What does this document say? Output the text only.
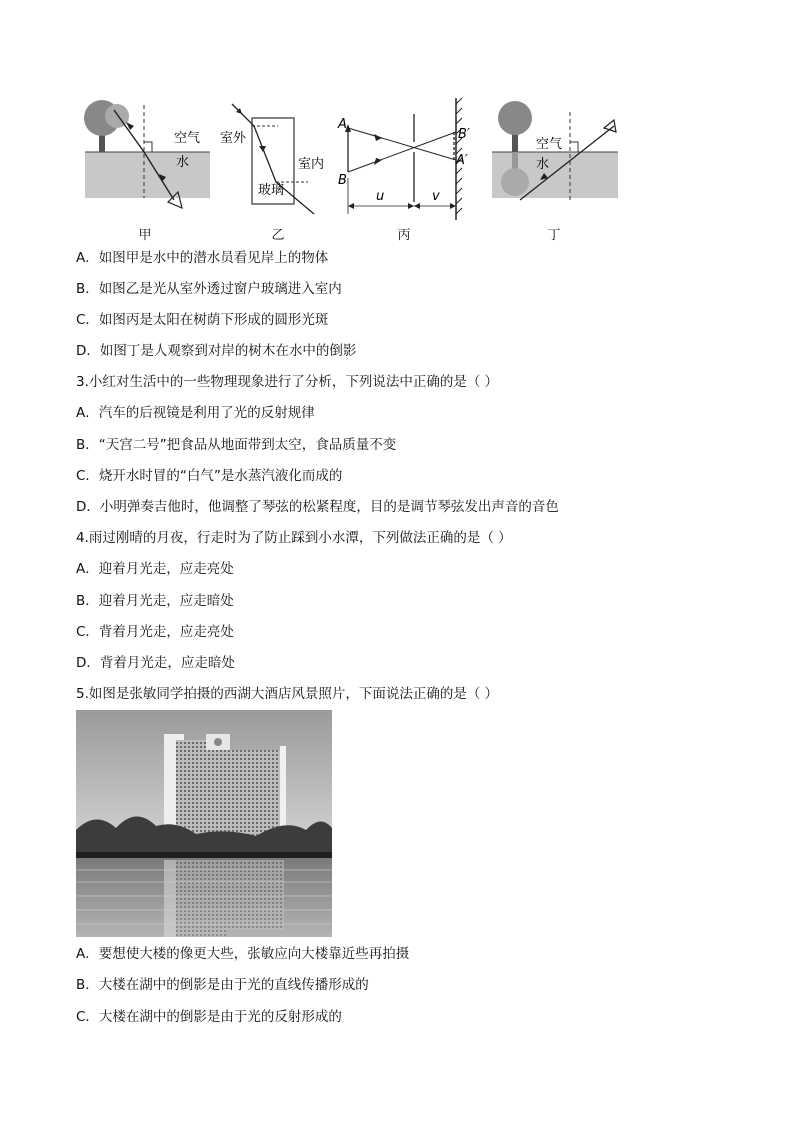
空气
水
甲
室外
室内
玻璃
乙
A
B
B′
A′
u	v
丙
空气
水
丁
A．如图甲是水中的潜水员看见岸上的物体
B．如图乙是光从室外透过窗户玻璃进入室内
C．如图丙是太阳在树荫下形成的圆形光斑
D．如图丁是人观察到对岸的树木在水中的倒影
3.小红对生活中的一些物理现象进行了分析，下列说法中正确的是（ ）
A．汽车的后视镜是利用了光的反射规律
B．“天宫二号”把食品从地面带到太空，食品质量不变
C．烧开水时冒的“白气”是水蒸汽液化而成的
D．小明弹奏吉他时，他调整了琴弦的松紧程度，目的是调节琴弦发出声音的音色
4.雨过刚晴的月夜，行走时为了防止踩到小水潭，下列做法正确的是（ ）
A．迎着月光走，应走亮处
B．迎着月光走，应走暗处
C．背着月光走，应走亮处
D．背着月光走，应走暗处
5.如图是张敏同学拍摄的西湖大酒店风景照片，下面说法正确的是（ ）
A．要想使大楼的像更大些，张敏应向大楼靠近些再拍摄
B．大楼在湖中的倒影是由于光的直线传播形成的
C．大楼在湖中的倒影是由于光的反射形成的
